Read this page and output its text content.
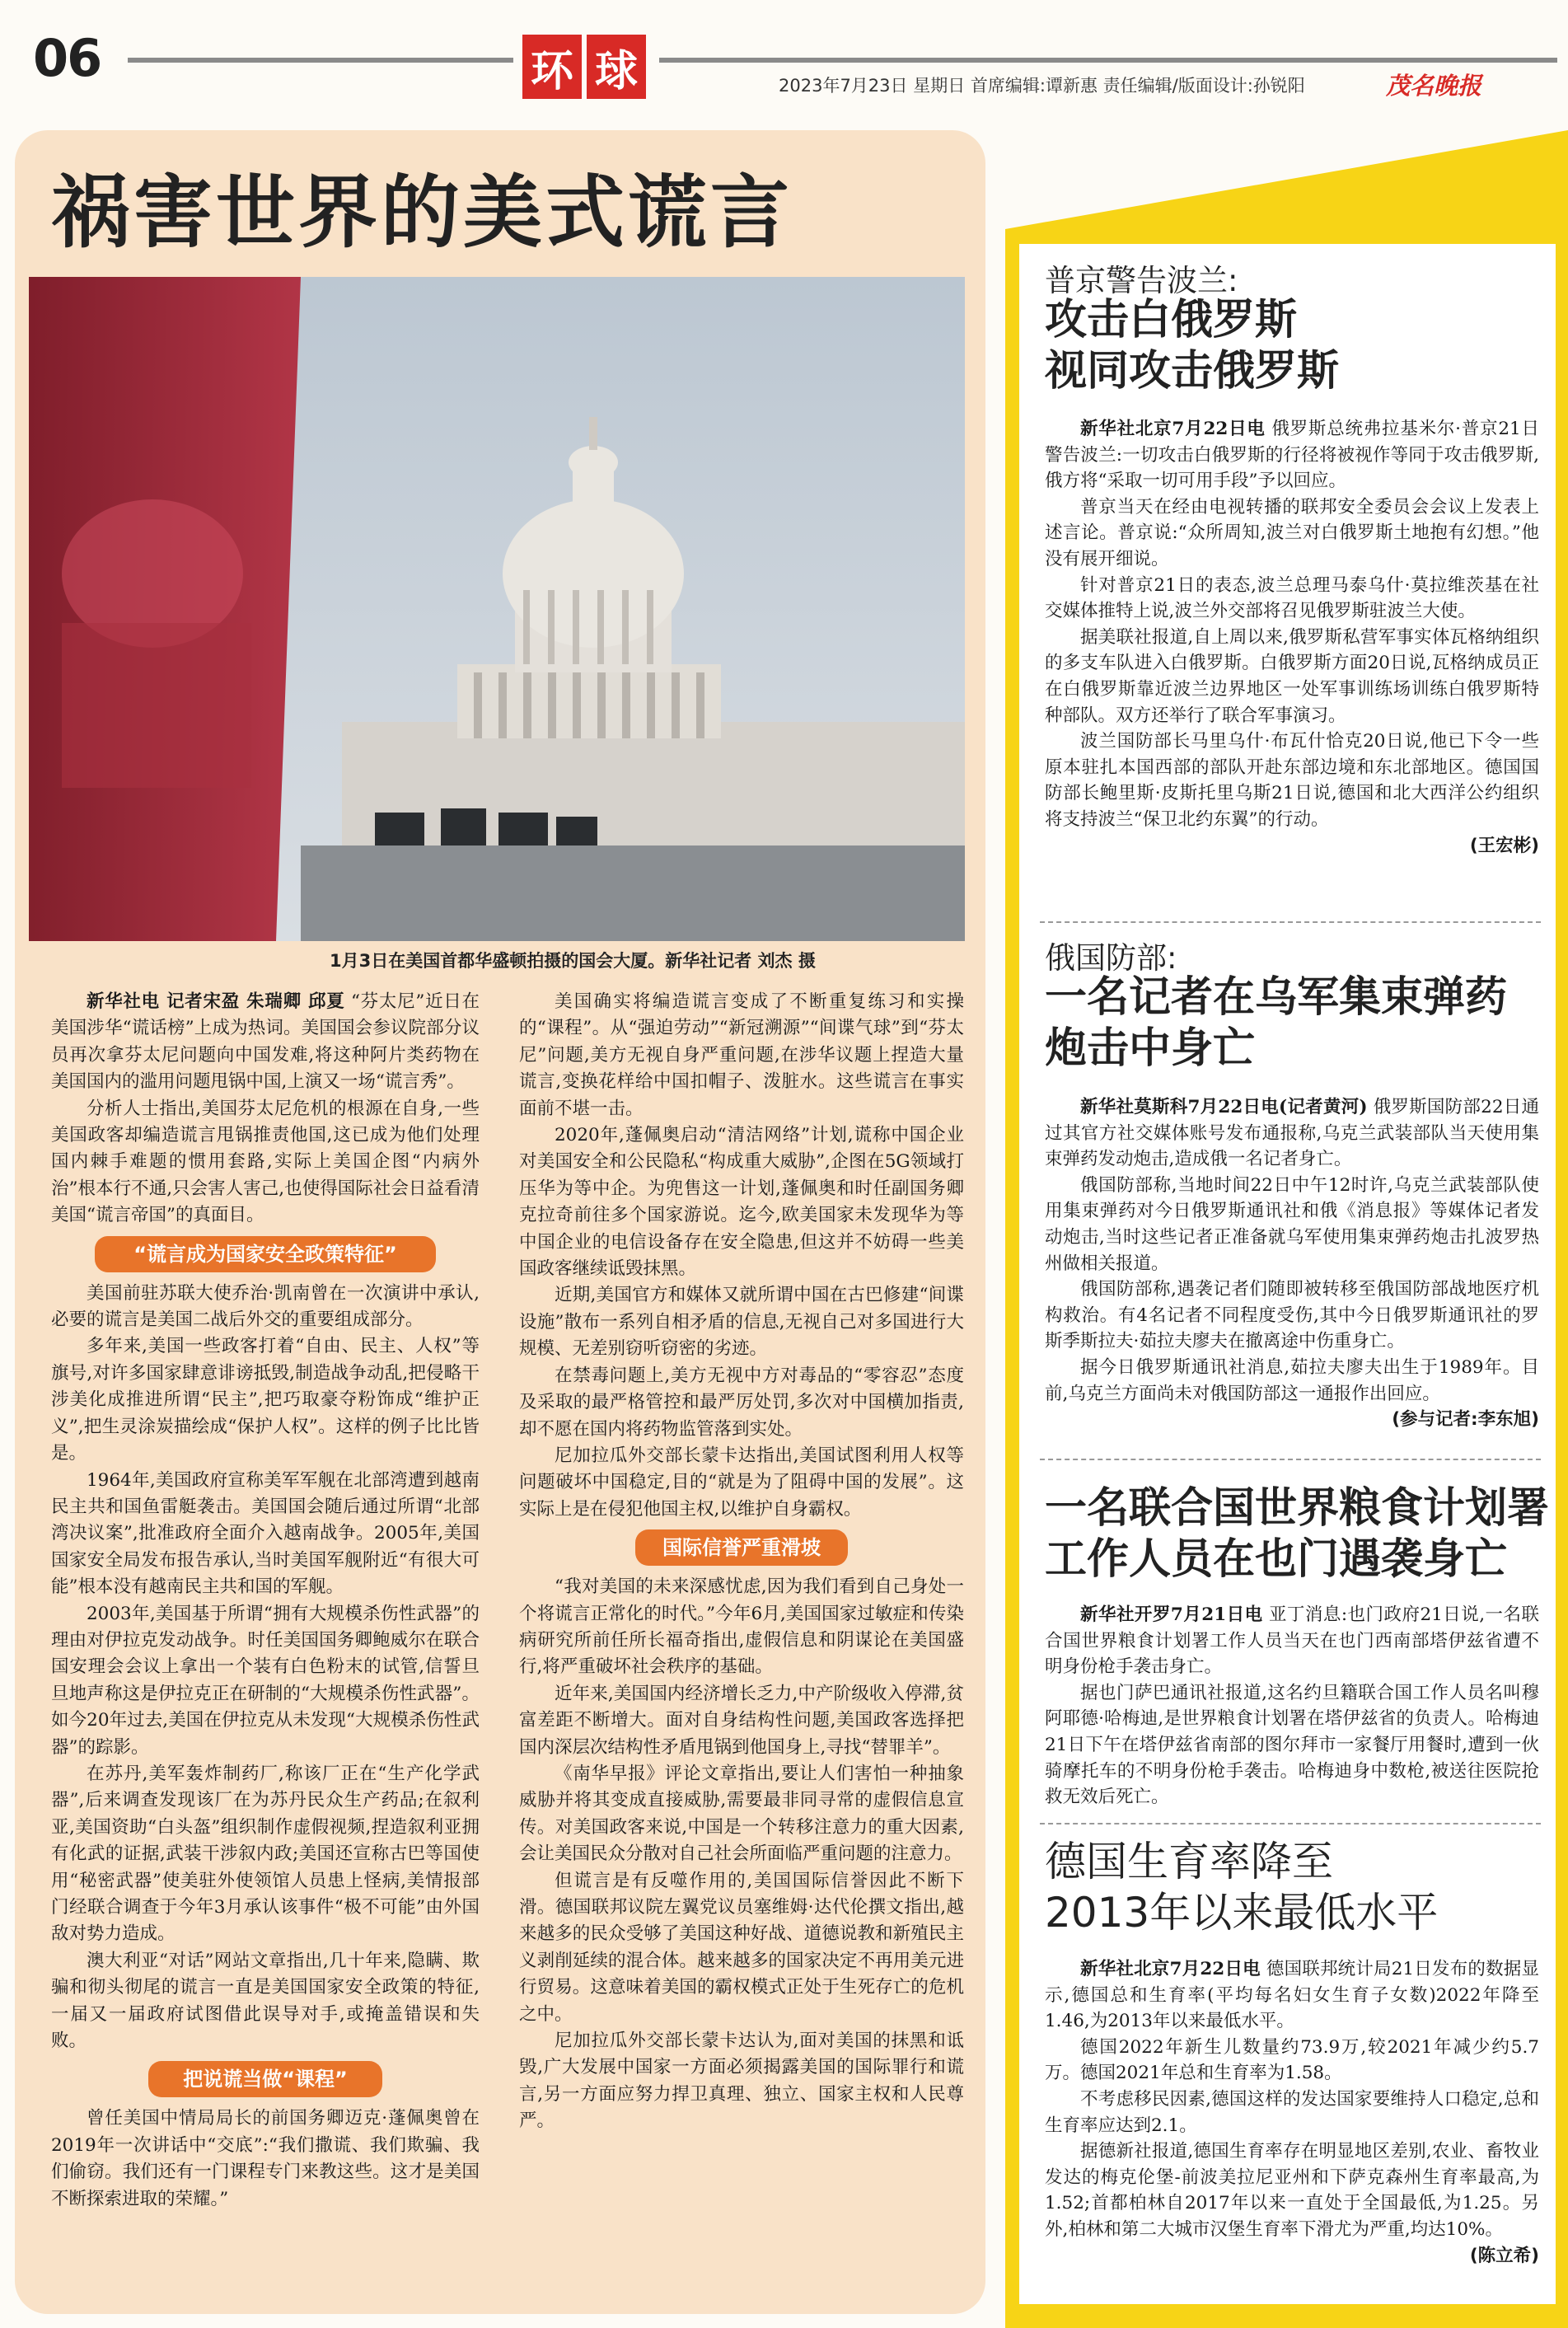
06	环 球	2023年7月23日 星期日 首席编辑:谭新惠 责任编辑/版面设计:孙锐阳	茂名晚报
祸害世界的美式谎言
1月3日在美国首都华盛顿拍摄的国会大厦。新华社记者 刘杰 摄

新华社电 记者宋盈 朱瑞卿 邱夏 “芬太尼”近日在美国涉华“谎话榜”上成为热词。美国国会参议院部分议员再次拿芬太尼问题向中国发难,将这种阿片类药物在美国国内的滥用问题甩锅中国,上演又一场“谎言秀”。

分析人士指出,美国芬太尼危机的根源在自身,一些美国政客却编造谎言甩锅推责他国,这已成为他们处理国内棘手难题的惯用套路,实际上美国企图“内病外治”根本行不通,只会害人害己,也使得国际社会日益看清美国“谎言帝国”的真面目。

“谎言成为国家安全政策特征”

美国前驻苏联大使乔治·凯南曾在一次演讲中承认,必要的谎言是美国二战后外交的重要组成部分。

多年来,美国一些政客打着“自由、民主、人权”等旗号,对许多国家肆意诽谤抵毁,制造战争动乱,把侵略干涉美化成推进所谓“民主”,把巧取豪夺粉饰成“维护正义”,把生灵涂炭描绘成“保护人权”。这样的例子比比皆是。

1964年,美国政府宣称美军军舰在北部湾遭到越南民主共和国鱼雷艇袭击。美国国会随后通过所谓“北部湾决议案”,批准政府全面介入越南战争。2005年,美国国家安全局发布报告承认,当时美国军舰附近“有很大可能”根本没有越南民主共和国的军舰。

2003年,美国基于所谓“拥有大规模杀伤性武器”的理由对伊拉克发动战争。时任美国国务卿鲍威尔在联合国安理会会议上拿出一个装有白色粉末的试管,信誓旦旦地声称这是伊拉克正在研制的“大规模杀伤性武器”。如今20年过去,美国在伊拉克从未发现“大规模杀伤性武器”的踪影。

在苏丹,美军轰炸制药厂,称该厂正在“生产化学武器”,后来调查发现该厂在为苏丹民众生产药品;在叙利亚,美国资助“白头盔”组织制作虚假视频,捏造叙利亚拥有化武的证据,武装干涉叙内政;美国还宣称古巴等国使用“秘密武器”使美驻外使领馆人员患上怪病,美情报部门经联合调查于今年3月承认该事件“极不可能”由外国敌对势力造成。

澳大利亚“对话”网站文章指出,几十年来,隐瞒、欺骗和彻头彻尾的谎言一直是美国国家安全政策的特征,一届又一届政府试图借此误导对手,或掩盖错误和失败。

把说谎当做“课程”

曾任美国中情局局长的前国务卿迈克·蓬佩奥曾在2019年一次讲话中“交底”:“我们撒谎、我们欺骗、我们偷窃。我们还有一门课程专门来教这些。这才是美国不断探索进取的荣耀。”

美国确实将编造谎言变成了不断重复练习和实操的“课程”。从“强迫劳动”“新冠溯源”“间谍气球”到“芬太尼”问题,美方无视自身严重问题,在涉华议题上捏造大量谎言,变换花样给中国扣帽子、泼脏水。这些谎言在事实面前不堪一击。

2020年,蓬佩奥启动“清洁网络”计划,谎称中国企业对美国安全和公民隐私“构成重大威胁”,企图在5G领域打压华为等中企。为兜售这一计划,蓬佩奥和时任副国务卿克拉奇前往多个国家游说。迄今,欧美国家未发现华为等中国企业的电信设备存在安全隐患,但这并不妨碍一些美国政客继续诋毁抹黑。

近期,美国官方和媒体又就所谓中国在古巴修建“间谍设施”散布一系列自相矛盾的信息,无视自己对多国进行大规模、无差别窃听窃密的劣迹。

在禁毒问题上,美方无视中方对毒品的“零容忍”态度及采取的最严格管控和最严厉处罚,多次对中国横加指责,却不愿在国内将药物监管落到实处。

尼加拉瓜外交部长蒙卡达指出,美国试图利用人权等问题破坏中国稳定,目的“就是为了阻碍中国的发展”。这实际上是在侵犯他国主权,以维护自身霸权。

国际信誉严重滑坡

“我对美国的未来深感忧虑,因为我们看到自己身处一个将谎言正常化的时代。”今年6月,美国国家过敏症和传染病研究所前任所长福奇指出,虚假信息和阴谋论在美国盛行,将严重破坏社会秩序的基础。

近年来,美国国内经济增长乏力,中产阶级收入停滞,贫富差距不断增大。面对自身结构性问题,美国政客选择把国内深层次结构性矛盾甩锅到他国身上,寻找“替罪羊”。

《南华早报》评论文章指出,要让人们害怕一种抽象威胁并将其变成直接威胁,需要最非同寻常的虚假信息宣传。对美国政客来说,中国是一个转移注意力的重大因素,会让美国民众分散对自己社会所面临严重问题的注意力。

但谎言是有反噬作用的,美国国际信誉因此不断下滑。德国联邦议院左翼党议员塞维姆·达代伦撰文指出,越来越多的民众受够了美国这种好战、道德说教和新殖民主义剥削延续的混合体。越来越多的国家决定不再用美元进行贸易。这意味着美国的霸权模式正处于生死存亡的危机之中。

尼加拉瓜外交部长蒙卡达认为,面对美国的抹黑和诋毁,广大发展中国家一方面必须揭露美国的国际罪行和谎言,另一方面应努力捍卫真理、独立、国家主权和人民尊严。

普京警告波兰:
攻击白俄罗斯
视同攻击俄罗斯

新华社北京7月22日电 俄罗斯总统弗拉基米尔·普京21日警告波兰:一切攻击白俄罗斯的行径将被视作等同于攻击俄罗斯,俄方将“采取一切可用手段”予以回应。

普京当天在经由电视转播的联邦安全委员会会议上发表上述言论。普京说:“众所周知,波兰对白俄罗斯土地抱有幻想。”他没有展开细说。

针对普京21日的表态,波兰总理马泰乌什·莫拉维茨基在社交媒体推特上说,波兰外交部将召见俄罗斯驻波兰大使。

据美联社报道,自上周以来,俄罗斯私营军事实体瓦格纳组织的多支车队进入白俄罗斯。白俄罗斯方面20日说,瓦格纳成员正在白俄罗斯靠近波兰边界地区一处军事训练场训练白俄罗斯特种部队。双方还举行了联合军事演习。

波兰国防部长马里乌什·布瓦什恰克20日说,他已下令一些原本驻扎本国西部的部队开赴东部边境和东北部地区。德国国防部长鲍里斯·皮斯托里乌斯21日说,德国和北大西洋公约组织将支持波兰“保卫北约东翼”的行动。

(王宏彬)
俄国防部:
一名记者在乌军集束弹药
炮击中身亡

新华社莫斯科7月22日电(记者黄河) 俄罗斯国防部22日通过其官方社交媒体账号发布通报称,乌克兰武装部队当天使用集束弹药发动炮击,造成俄一名记者身亡。

俄国防部称,当地时间22日中午12时许,乌克兰武装部队使用集束弹药对今日俄罗斯通讯社和俄《消息报》等媒体记者发动炮击,当时这些记者正准备就乌军使用集束弹药炮击扎波罗热州做相关报道。

俄国防部称,遇袭记者们随即被转移至俄国防部战地医疗机构救治。有4名记者不同程度受伤,其中今日俄罗斯通讯社的罗斯季斯拉夫·茹拉夫廖夫在撤离途中伤重身亡。

据今日俄罗斯通讯社消息,茹拉夫廖夫出生于1989年。目前,乌克兰方面尚未对俄国防部这一通报作出回应。

(参与记者:李东旭)
一名联合国世界粮食计划署
工作人员在也门遇袭身亡

新华社开罗7月21日电 亚丁消息:也门政府21日说,一名联合国世界粮食计划署工作人员当天在也门西南部塔伊兹省遭不明身份枪手袭击身亡。

据也门萨巴通讯社报道,这名约旦籍联合国工作人员名叫穆阿耶德·哈梅迪,是世界粮食计划署在塔伊兹省的负责人。哈梅迪21日下午在塔伊兹省南部的图尔拜市一家餐厅用餐时,遭到一伙骑摩托车的不明身份枪手袭击。哈梅迪身中数枪,被送往医院抢救无效后死亡。

德国生育率降至
2013年以来最低水平

新华社北京7月22日电 德国联邦统计局21日发布的数据显示,德国总和生育率(平均每名妇女生育子女数)2022年降至1.46,为2013年以来最低水平。

德国2022年新生儿数量约73.9万,较2021年减少约5.7万。德国2021年总和生育率为1.58。

不考虑移民因素,德国这样的发达国家要维持人口稳定,总和生育率应达到2.1。

据德新社报道,德国生育率存在明显地区差别,农业、畜牧业发达的梅克伦堡-前波美拉尼亚州和下萨克森州生育率最高,为1.52;首都柏林自2017年以来一直处于全国最低,为1.25。另外,柏林和第二大城市汉堡生育率下滑尤为严重,均达10%。

(陈立希)
